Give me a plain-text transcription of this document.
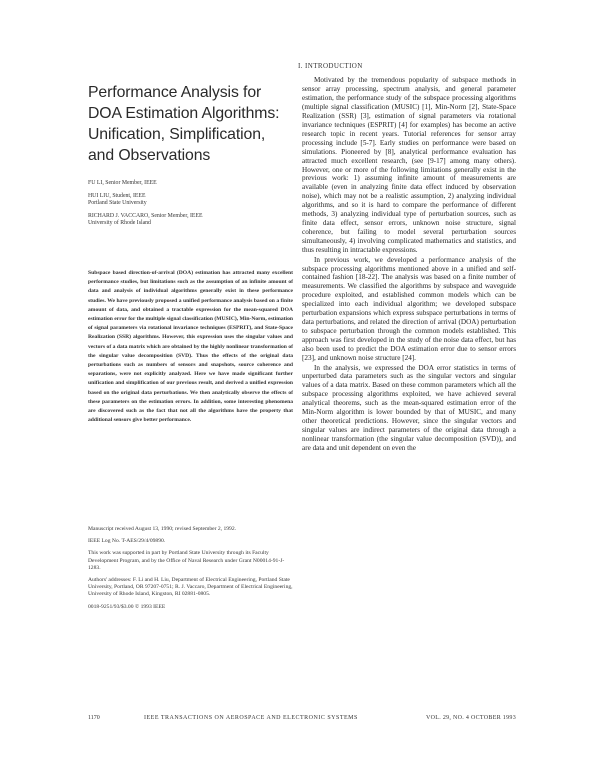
Performance Analysis for DOA Estimation Algorithms: Unification, Simplification, and Observations
FU LI, Senior Member, IEEE
HUI LIU, Student, IEEE
Portland State University
RICHARD J. VACCARO, Senior Member, IEEE
University of Rhode Island

Subspace based direction-of-arrival (DOA) estimation has attracted many excellent performance studies, but limitations such as the assumption of an infinite amount of data and analysis of individual algorithms generally exist in these performance studies. We have previously proposed a unified performance analysis based on a finite amount of data, and obtained a tractable expression for the mean-squared DOA estimation error for the multiple signal classification (MUSIC), Min-Norm, estimation of signal parameters via rotational invariance techniques (ESPRIT), and State-Space Realization (SSR) algorithms. However, this expression uses the singular values and vectors of a data matrix which are obtained by the highly nonlinear transformation of the singular value decomposition (SVD). Thus the effects of the original data perturbations such as numbers of sensors and snapshots, source coherence and separations, were not explicitly analyzed. Here we have made significant further unification and simplification of our previous result, and derived a unified expression based on the original data perturbations. We then analytically observe the effects of these parameters on the estimation errors. In addition, some interesting phenomena are discovered such as the fact that not all the algorithms have the property that additional sensors give better performance.

Manuscript received August 13, 1990; revised September 2, 1992.

IEEE Log No. T-AES/29/4/09890.

This work was supported in part by Portland State University through its Faculty Development Program, and by the Office of Naval Research under Grant N00014-91-J-1283.

Authors' addresses: F. Li and H. Liu, Department of Electrical Engineering, Portland State University, Portland, OR 97207-0751; R. J. Vaccaro, Department of Electrical Engineering, University of Rhode Island, Kingston, RI 02881-0805.

0018-9251/93/$3.00 © 1993 IEEE

I. INTRODUCTION

Motivated by the tremendous popularity of subspace methods in sensor array processing, spectrum analysis, and general parameter estimation, the performance study of the subspace processing algorithms (multiple signal classification (MUSIC) [1], Min-Norm [2], State-Space Realization (SSR) [3], estimation of signal parameters via rotational invariance techniques (ESPRIT) [4] for examples) has become an active research topic in recent years. Tutorial references for sensor array processing include [5-7]. Early studies on performance were based on simulations. Pioneered by [8], analytical performance evaluation has attracted much excellent research, (see [9-17] among many others). However, one or more of the following limitations generally exist in the previous work: 1) assuming infinite amount of measurements are available (even in analyzing finite data effect induced by observation noise), which may not be a realistic assumption, 2) analyzing individual algorithms, and so it is hard to compare the performance of different methods, 3) analyzing individual type of perturbation sources, such as finite data effect, sensor errors, unknown noise structure, signal coherence, but failing to model several perturbation sources simultaneously, 4) involving complicated mathematics and statistics, and thus resulting in intractable expressions.

In previous work, we developed a performance analysis of the subspace processing algorithms mentioned above in a unified and self-contained fashion [18-22]. The analysis was based on a finite number of measurements. We classified the algorithms by subspace and waveguide procedure exploited, and established common models which can be specialized into each individual algorithm; we developed subspace perturbation expansions which express subspace perturbations in terms of data perturbations, and related the direction of arrival (DOA) perturbation to subspace perturbation through the common models established. This approach was first developed in the study of the noise data effect, but has also been used to predict the DOA estimation error due to sensor errors [23], and unknown noise structure [24].

In the analysis, we expressed the DOA error statistics in terms of unperturbed data parameters such as the singular vectors and singular values of a data matrix. Based on these common parameters which all the subspace processing algorithms exploited, we have achieved several analytical theorems, such as the mean-squared estimation error of the Min-Norm algorithm is lower bounded by that of MUSIC, and many other theoretical predictions. However, since the singular vectors and singular values are indirect parameters of the original data through a nonlinear transformation (the singular value decomposition (SVD)), and are data and unit dependent on even the

1170	IEEE TRANSACTIONS ON AEROSPACE AND ELECTRONIC SYSTEMS	VOL. 29, NO. 4 OCTOBER 1993
